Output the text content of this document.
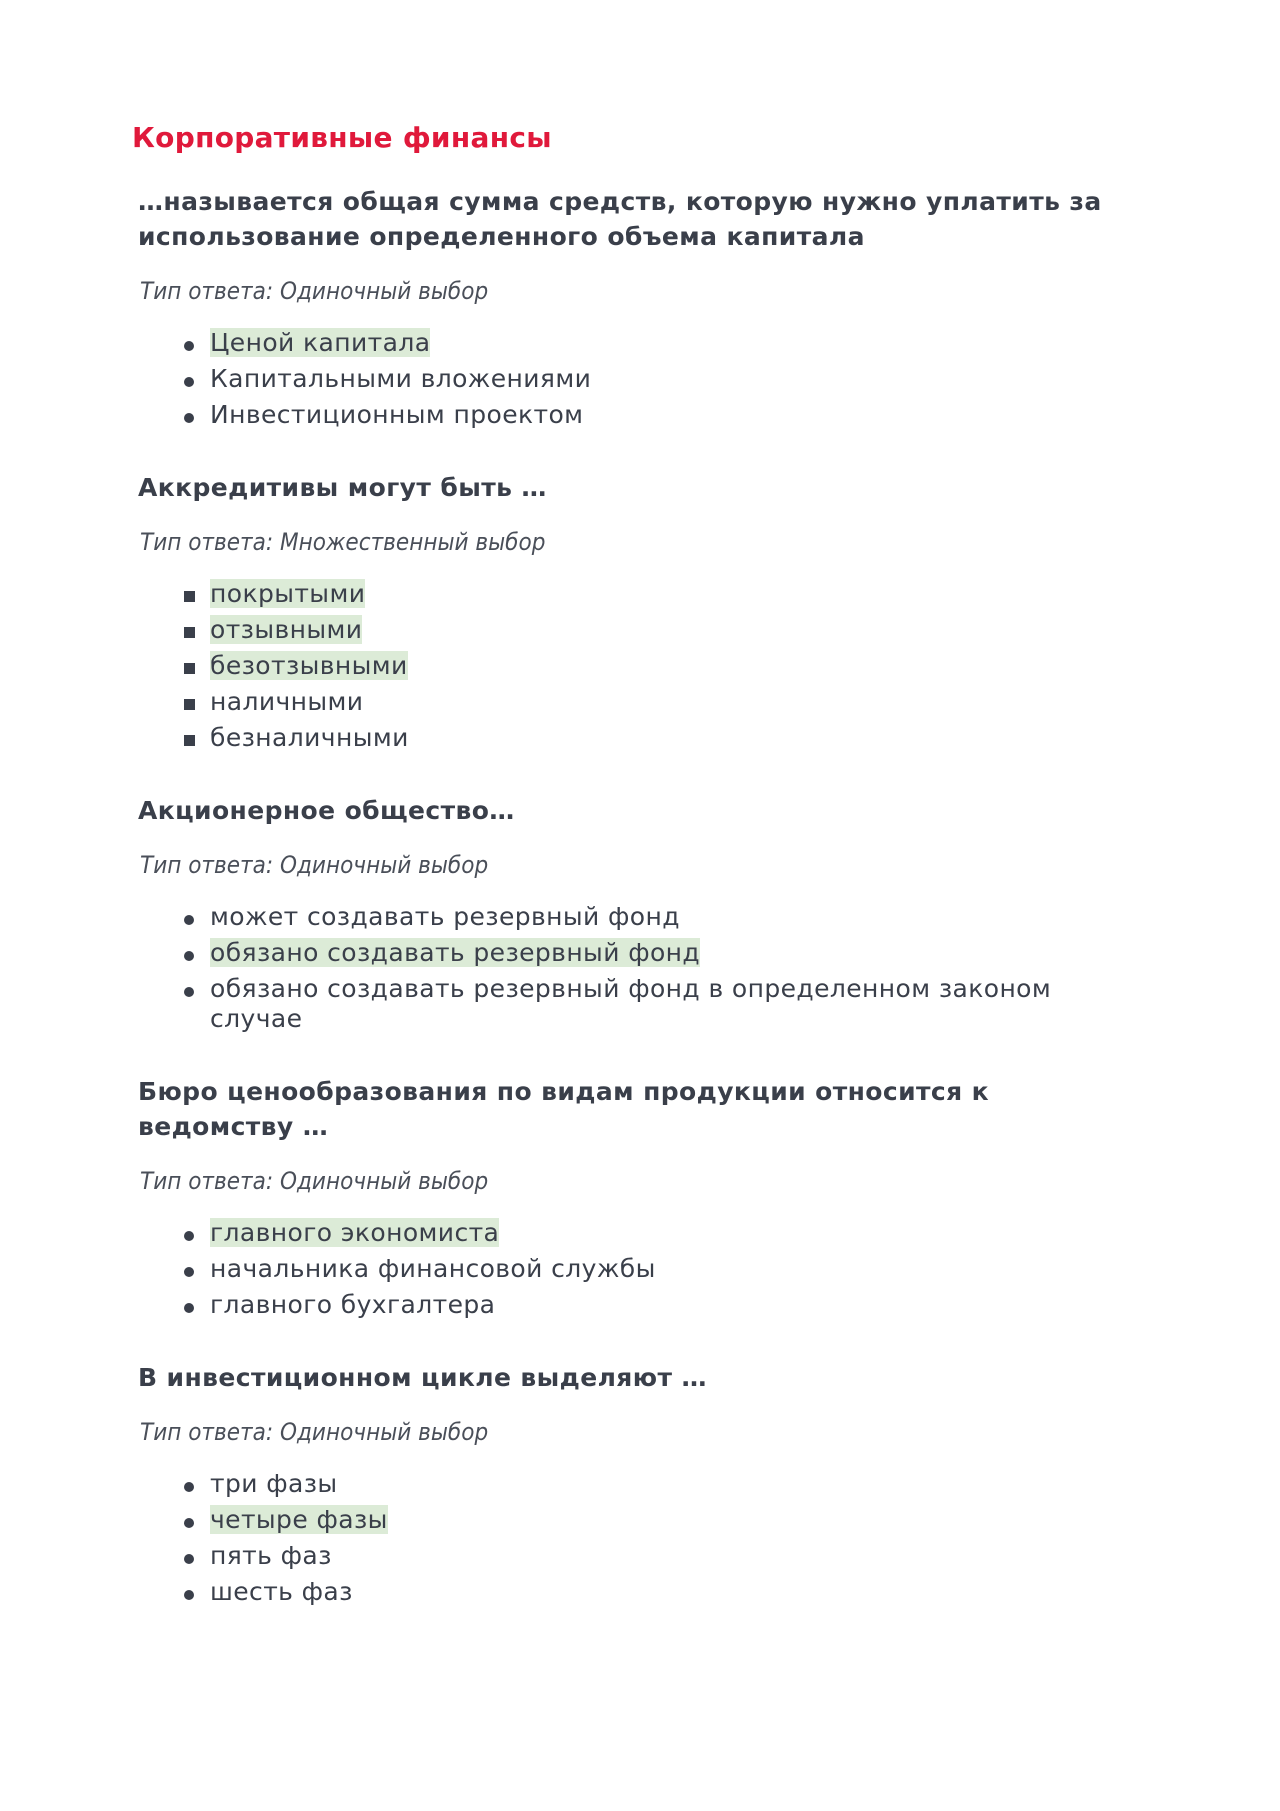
Корпоративные финансы
…называется общая сумма средств, которую нужно уплатить за использование определенного объема капитала
Тип ответа: Одиночный выбор
Ценой капитала
Капитальными вложениями
Инвестиционным проектом
Аккредитивы могут быть …
Тип ответа: Множественный выбор
покрытыми
отзывными
безотзывными
наличными
безналичными
Акционерное общество…
Тип ответа: Одиночный выбор
может создавать резервный фонд
обязано создавать резервный фонд
обязано создавать резервный фонд в определенном законом случае
Бюро ценообразования по видам продукции относится к ведомству …
Тип ответа: Одиночный выбор
главного экономиста
начальника финансовой службы
главного бухгалтера
В инвестиционном цикле выделяют …
Тип ответа: Одиночный выбор
три фазы
четыре фазы
пять фаз
шесть фаз
